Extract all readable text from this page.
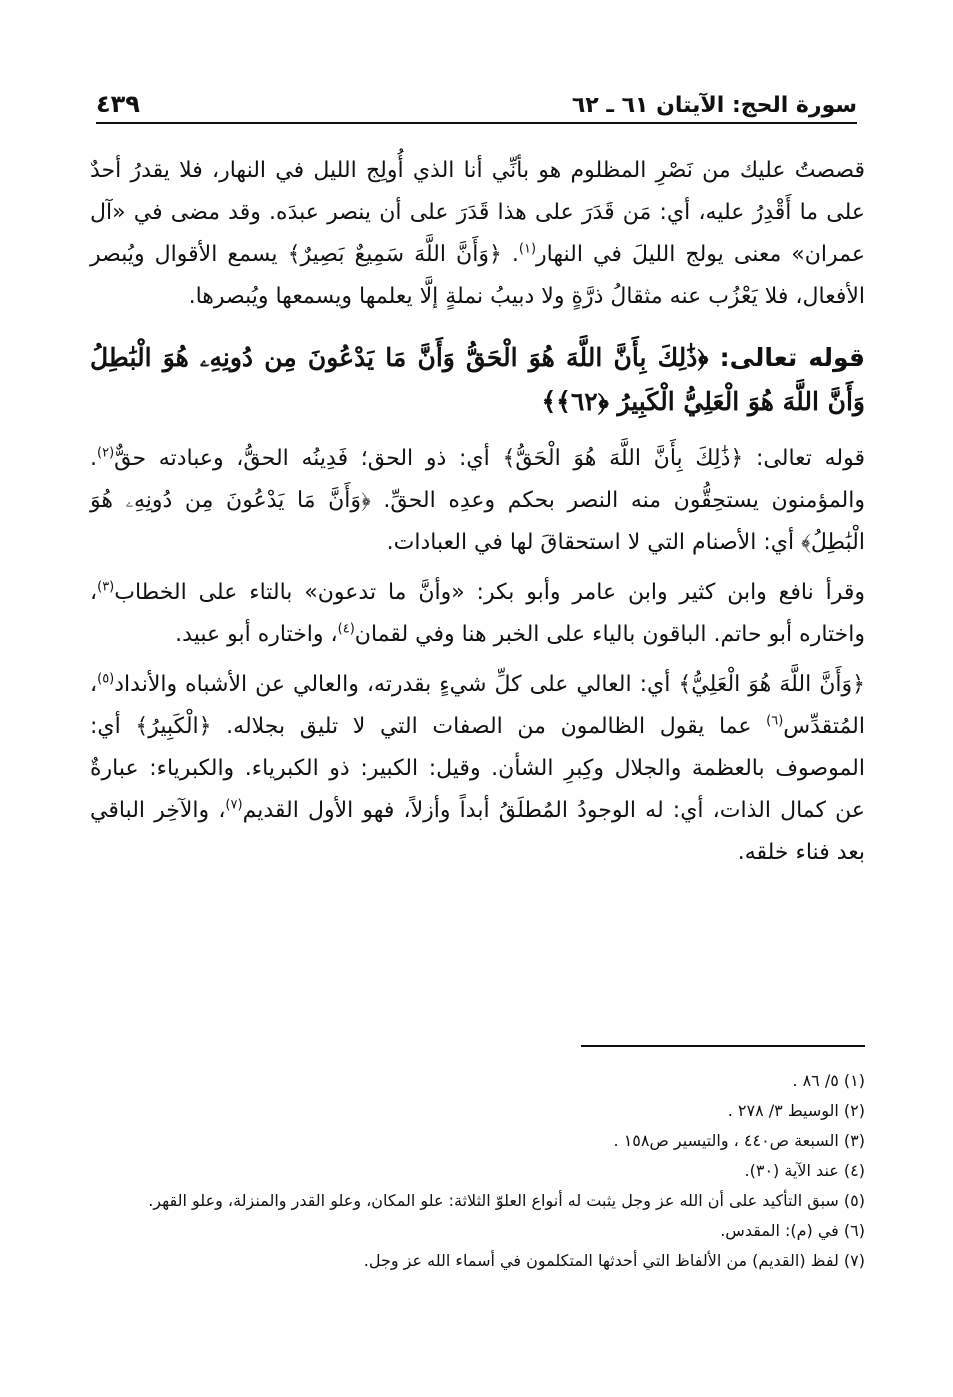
سورة الحج: الآيتان ٦١ ـ ٦٢
٤٣٩

قصصتُ عليك من نَصْرِ المظلوم هو بأنِّي أنا الذي أُولِج الليل في النهار، فلا يقدرُ أحدٌ على ما أَقْدِرُ عليه، أي: مَن قَدَرَ على هذا قَدَرَ على أن ينصر عبدَه. وقد مضى في «آل عمران» معنى يولج الليلَ في النهار$^{(١)}$. ﴿وَأَنَّ اللَّهَ سَمِيعٌ بَصِيرٌ﴾ يسمع الأقوال ويُبصر الأفعال، فلا يَعْزُب عنه مثقالُ ذرَّةٍ ولا دبيبُ نملةٍ إلَّا يعلمها ويسمعها ويُبصرها.

قوله تعالى: ﴿ذَٰلِكَ بِأَنَّ اللَّهَ هُوَ الْحَقُّ وَأَنَّ مَا يَدْعُونَ مِن دُونِهِۦ هُوَ الْبَٰطِلُ وَأَنَّ اللَّهَ هُوَ الْعَلِيُّ الْكَبِيرُ ﴿٦٢﴾﴾

قوله تعالى: ﴿ذَٰلِكَ بِأَنَّ اللَّهَ هُوَ الْحَقُّ﴾ أي: ذو الحق؛ فَدِينُه الحقُّ، وعبادته حقٌّ$^{(٢)}$. والمؤمنون يستحِقُّون منه النصر بحكم وعدِه الحقِّ. ﴿وَأَنَّ مَا يَدْعُونَ مِن دُونِهِۦ هُوَ الْبَٰطِلُ﴾ أي: الأصنام التي لا استحقاقَ لها في العبادات.

وقرأ نافع وابن كثير وابن عامر وأبو بكر: «وأنَّ ما تدعون» بالتاء على الخطاب$^{(٣)}$، واختاره أبو حاتم. الباقون بالياء على الخبر هنا وفي لقمان$^{(٤)}$، واختاره أبو عبيد.

﴿وَأَنَّ اللَّهَ هُوَ الْعَلِيُّ﴾ أي: العالي على كلِّ شيءٍ بقدرته، والعالي عن الأشباه والأنداد$^{(٥)}$، المُتقدِّس$^{(٦)}$ عما يقول الظالمون من الصفات التي لا تليق بجلاله. ﴿الْكَبِيرُ﴾ أي: الموصوف بالعظمة والجلال وكِبرِ الشأن. وقيل: الكبير: ذو الكبرياء. والكبرياء: عبارةٌ عن كمال الذات، أي: له الوجودُ المُطلَقُ أبداً وأزلاً، فهو الأول القديم$^{(٧)}$، والآخِر الباقي بعد فناء خلقه.

(١) ٥/ ٨٦ .

(٢) الوسيط ٣/ ٢٧٨ .

(٣) السبعة ص٤٤٠ ، والتيسير ص١٥٨ .

(٤) عند الآية (٣٠).

(٥) سبق التأكيد على أن الله عز وجل يثبت له أنواع العلوّ الثلاثة: علو المكان، وعلو القدر والمنزلة، وعلو القهر.

(٦) في (م): المقدس.

(٧) لفظ (القديم) من الألفاظ التي أحدثها المتكلمون في أسماء الله عز وجل.
